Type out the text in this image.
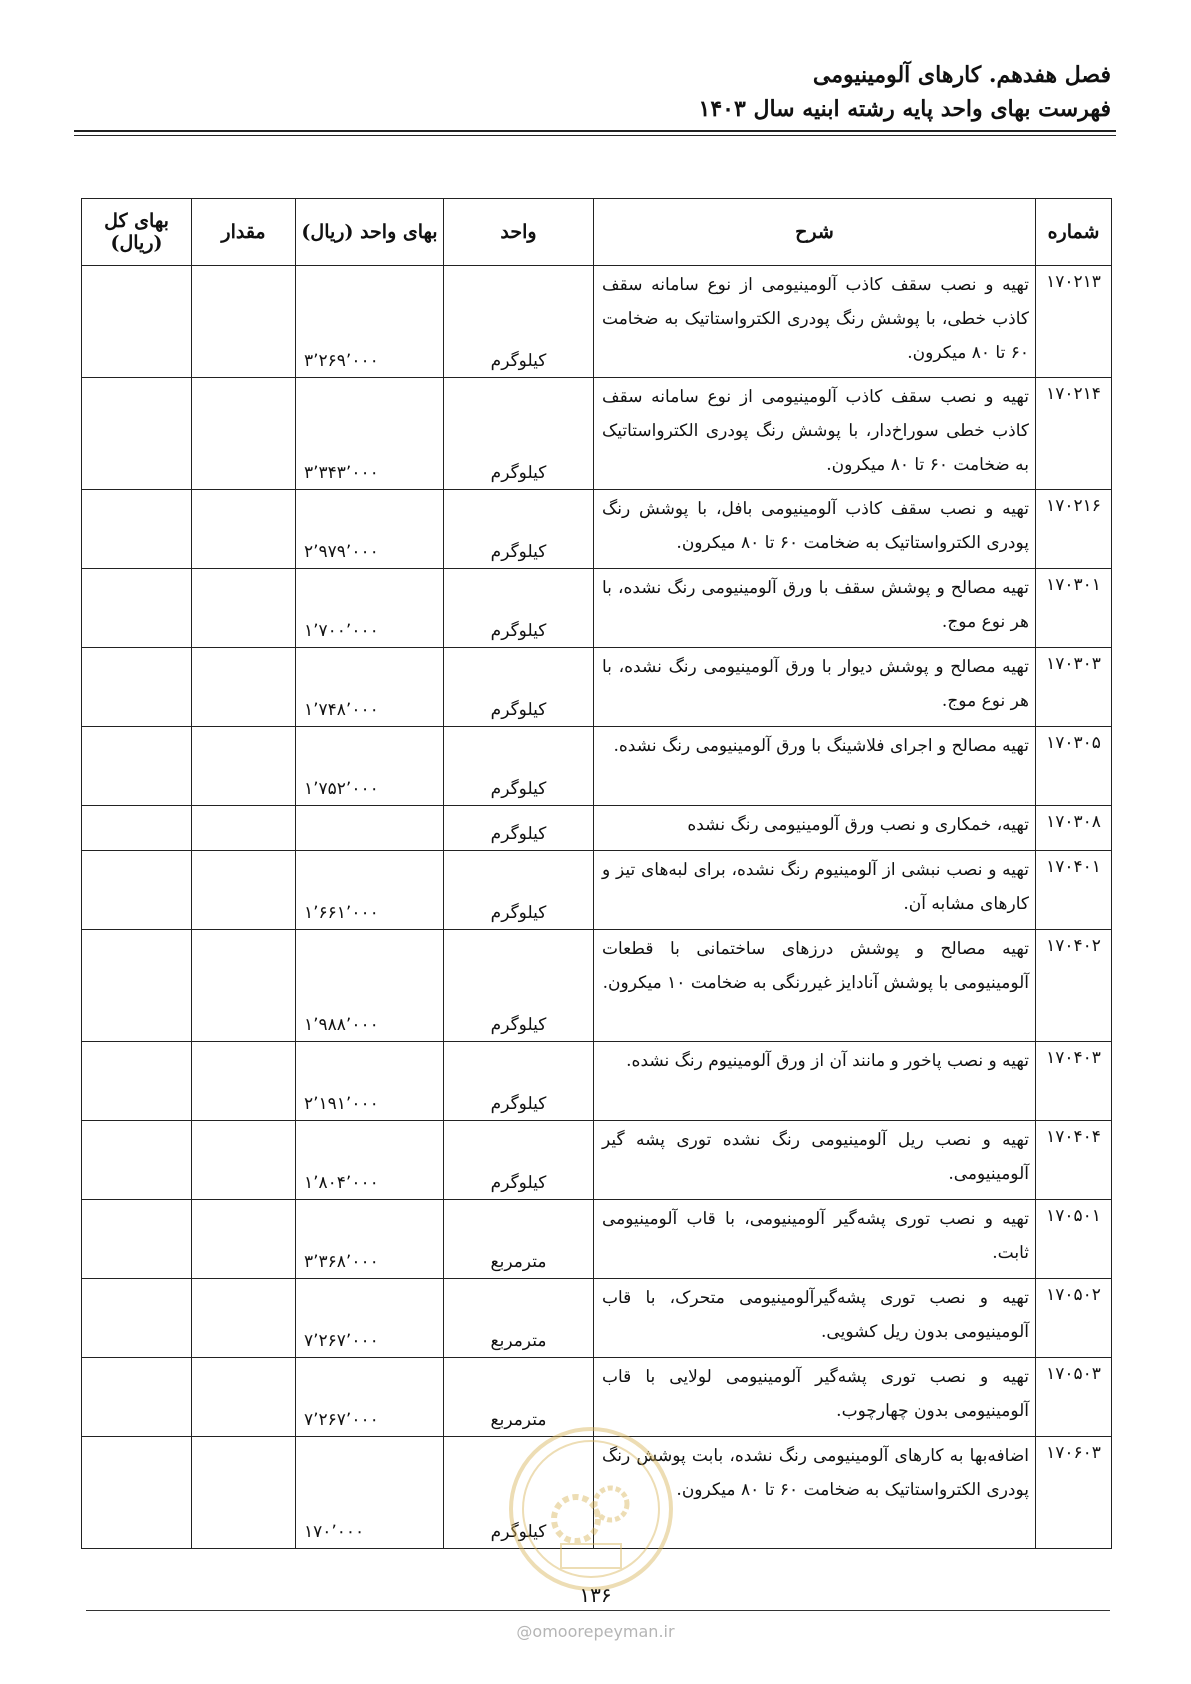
فصل هفدهم. کارهای آلومینیومی
فهرست بهای واحد پایه رشته ابنیه سال ۱۴۰۳
شماره	شرح	واحد	بهای واحد (ریال)	مقدار	بهای کل (ریال)
۱۷۰۲۱۳	تهیه و نصب سقف کاذب آلومینیومی از نوع سامانه سقف کاذب خطی، با پوشش رنگ پودری الکترواستاتیک به ضخامت ۶۰ تا ۸۰ میکرون.	کیلوگرم	۳٬۲۶۹٬۰۰۰		
۱۷۰۲۱۴	تهیه و نصب سقف کاذب آلومینیومی از نوع سامانه سقف کاذب خطی سوراخ‌دار، با پوشش رنگ پودری الکترواستاتیک به ضخامت ۶۰ تا ۸۰ میکرون.	کیلوگرم	۳٬۳۴۳٬۰۰۰		
۱۷۰۲۱۶	تهیه و نصب سقف کاذب آلومینیومی بافل، با پوشش رنگ پودری الکترواستاتیک به ضخامت ۶۰ تا ۸۰ میکرون.	کیلوگرم	۲٬۹۷۹٬۰۰۰		
۱۷۰۳۰۱	تهیه مصالح و پوشش سقف با ورق آلومینیومی رنگ نشده، با هر نوع موج.	کیلوگرم	۱٬۷۰۰٬۰۰۰		
۱۷۰۳۰۳	تهیه مصالح و پوشش دیوار با ورق آلومینیومی رنگ نشده، با هر نوع موج.	کیلوگرم	۱٬۷۴۸٬۰۰۰		
۱۷۰۳۰۵	تهیه مصالح و اجرای فلاشینگ با ورق آلومینیومی رنگ نشده.	کیلوگرم	۱٬۷۵۲٬۰۰۰		
۱۷۰۳۰۸	تهیه، خمکاری و نصب ورق آلومینیومی رنگ نشده	کیلوگرم			
۱۷۰۴۰۱	تهیه و نصب نبشی از آلومینیوم رنگ نشده، برای لبه‌های تیز و کارهای مشابه آن.	کیلوگرم	۱٬۶۶۱٬۰۰۰		
۱۷۰۴۰۲	تهیه مصالح و پوشش درزهای ساختمانی با قطعات آلومینیومی با پوشش آنادایز غیررنگی به ضخامت ۱۰ میکرون.	کیلوگرم	۱٬۹۸۸٬۰۰۰		
۱۷۰۴۰۳	تهیه و نصب پاخور و مانند آن از ورق آلومینیوم رنگ نشده.	کیلوگرم	۲٬۱۹۱٬۰۰۰		
۱۷۰۴۰۴	تهیه و نصب ریل آلومینیومی رنگ نشده توری پشه گیر آلومینیومی.	کیلوگرم	۱٬۸۰۴٬۰۰۰		
۱۷۰۵۰۱	تهیه و نصب توری پشه‌گیر آلومینیومی، با قاب آلومینیومی ثابت.	مترمربع	۳٬۳۶۸٬۰۰۰		
۱۷۰۵۰۲	تهیه و نصب توری پشه‌گیرآلومینیومی متحرک، با قاب آلومینیومی بدون ریل کشویی.	مترمربع	۷٬۲۶۷٬۰۰۰		
۱۷۰۵۰۳	تهیه و نصب توری پشه‌گیر آلومینیومی لولایی با قاب آلومینیومی بدون چهارچوب.	مترمربع	۷٬۲۶۷٬۰۰۰		
۱۷۰۶۰۳	اضافه‌بها به کارهای آلومینیومی رنگ نشده، بابت پوشش رنگ پودری الکترواستاتیک به ضخامت ۶۰ تا ۸۰ میکرون.	کیلوگرم	۱۷۰٬۰۰۰		
۱۳۶
@omoorepeyman.ir
